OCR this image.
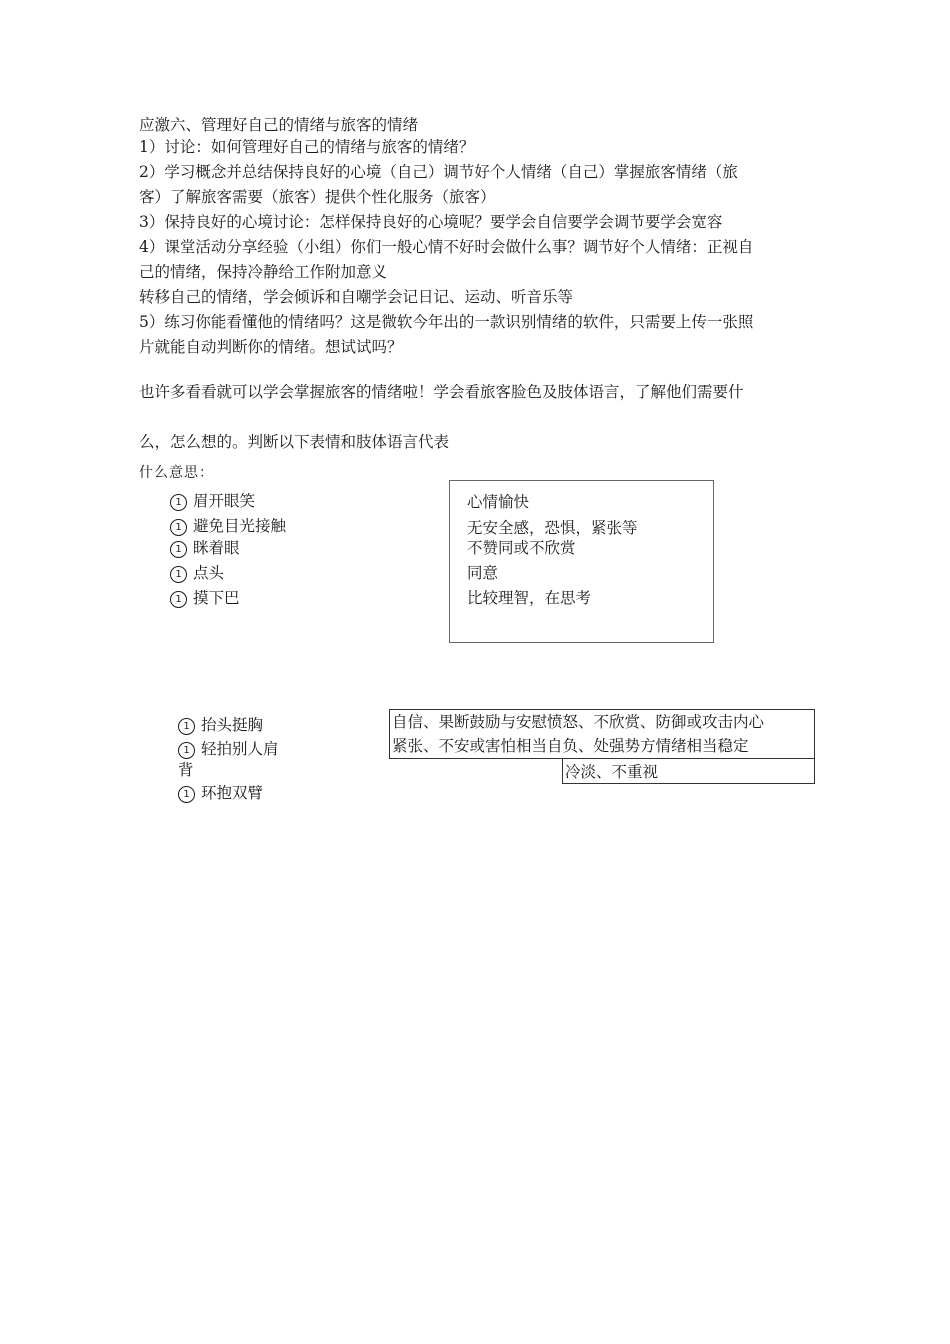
应激六、管理好自己的情绪与旅客的情绪
1）讨论：如何管理好自己的情绪与旅客的情绪？
2）学习概念并总结保持良好的心境（自己）调节好个人情绪（自己）掌握旅客情绪（旅
客）了解旅客需要（旅客）提供个性化服务（旅客）
3）保持良好的心境讨论：怎样保持良好的心境呢？要学会自信要学会调节要学会宽容
4）课堂活动分享经验（小组）你们一般心情不好时会做什么事？调节好个人情绪：正视自
己的情绪，保持冷静给工作附加意义
转移自己的情绪，学会倾诉和自嘲学会记日记、运动、听音乐等
5）练习你能看懂他的情绪吗？这是微软今年出的一款识别情绪的软件，只需要上传一张照
片就能自动判断你的情绪。想试试吗？
也许多看看就可以学会掌握旅客的情绪啦！学会看旅客脸色及肢体语言，了解他们需要什
么，怎么想的。判断以下表情和肢体语言代表
什么意思：
1 眉开眼笑
1 避免目光接触
1 眯着眼
1 点头
1 摸下巴
心情愉快
无安全感，恐惧，紧张等
不赞同或不欣赏
同意
比较理智，在思考
1 抬头挺胸
1 轻拍别人肩
背
1 环抱双臂
自信、果断鼓励与安慰愤怒、不欣赏、防御或攻击内心
紧张、不安或害怕相当自负、处强势方情绪相当稳定
冷淡、不重视
